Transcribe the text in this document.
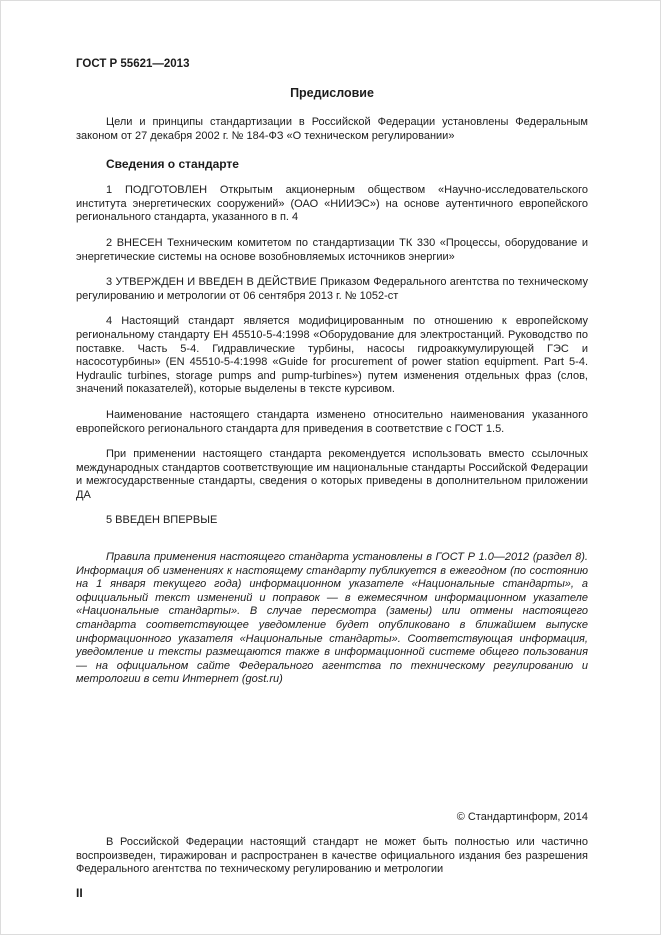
ГОСТ Р 55621—2013
Предисловие

Цели и принципы стандартизации в Российской Федерации установлены Федеральным законом от 27 декабря 2002 г. № 184-ФЗ «О техническом регулировании»

Сведения о стандарте

1 ПОДГОТОВЛЕН Открытым акционерным обществом «Научно-исследовательского института энергетических сооружений» (ОАО «НИИЭС») на основе аутентичного европейского регионального стандарта, указанного в п. 4

2 ВНЕСЕН Техническим комитетом по стандартизации ТК 330 «Процессы, оборудование и энергетические системы на основе возобновляемых источников энергии»

3 УТВЕРЖДЕН И ВВЕДЕН В ДЕЙСТВИЕ Приказом Федерального агентства по техническому регулированию и метрологии от 06 сентября 2013 г. № 1052-ст

4 Настоящий стандарт является модифицированным по отношению к европейскому региональному стандарту ЕН 45510-5-4:1998 «Оборудование для электростанций. Руководство по поставке. Часть 5-4. Гидравлические турбины, насосы гидроаккумулирующей ГЭС и насосотурбины» (EN 45510-5-4:1998 «Guide for procurement of power station equipment. Part 5-4. Hydraulic turbines, storage pumps and pump-turbines») путем изменения отдельных фраз (слов, значений показателей), которые выделены в тексте курсивом.

Наименование настоящего стандарта изменено относительно наименования указанного европейского регионального стандарта для приведения в соответствие с ГОСТ 1.5.

При применении настоящего стандарта рекомендуется использовать вместо ссылочных международных стандартов соответствующие им национальные стандарты Российской Федерации и межгосударственные стандарты, сведения о которых приведены в дополнительном приложении ДА

5 ВВЕДЕН ВПЕРВЫЕ

Правила применения настоящего стандарта установлены в ГОСТ Р 1.0—2012 (раздел 8). Информация об изменениях к настоящему стандарту публикуется в ежегодном (по состоянию на 1 января текущего года) информационном указателе «Национальные стандарты», а официальный текст изменений и поправок — в ежемесячном информационном указателе «Национальные стандарты». В случае пересмотра (замены) или отмены настоящего стандарта соответствующее уведомление будет опубликовано в ближайшем выпуске информационного указателя «Национальные стандарты». Соответствующая информация, уведомление и тексты размещаются также в информационной системе общего пользования — на официальном сайте Федерального агентства по техническому регулированию и метрологии в сети Интернет (gost.ru)

© Стандартинформ, 2014

В Российской Федерации настоящий стандарт не может быть полностью или частично воспроизведен, тиражирован и распространен в качестве официального издания без разрешения Федерального агентства по техническому регулированию и метрологии

II
